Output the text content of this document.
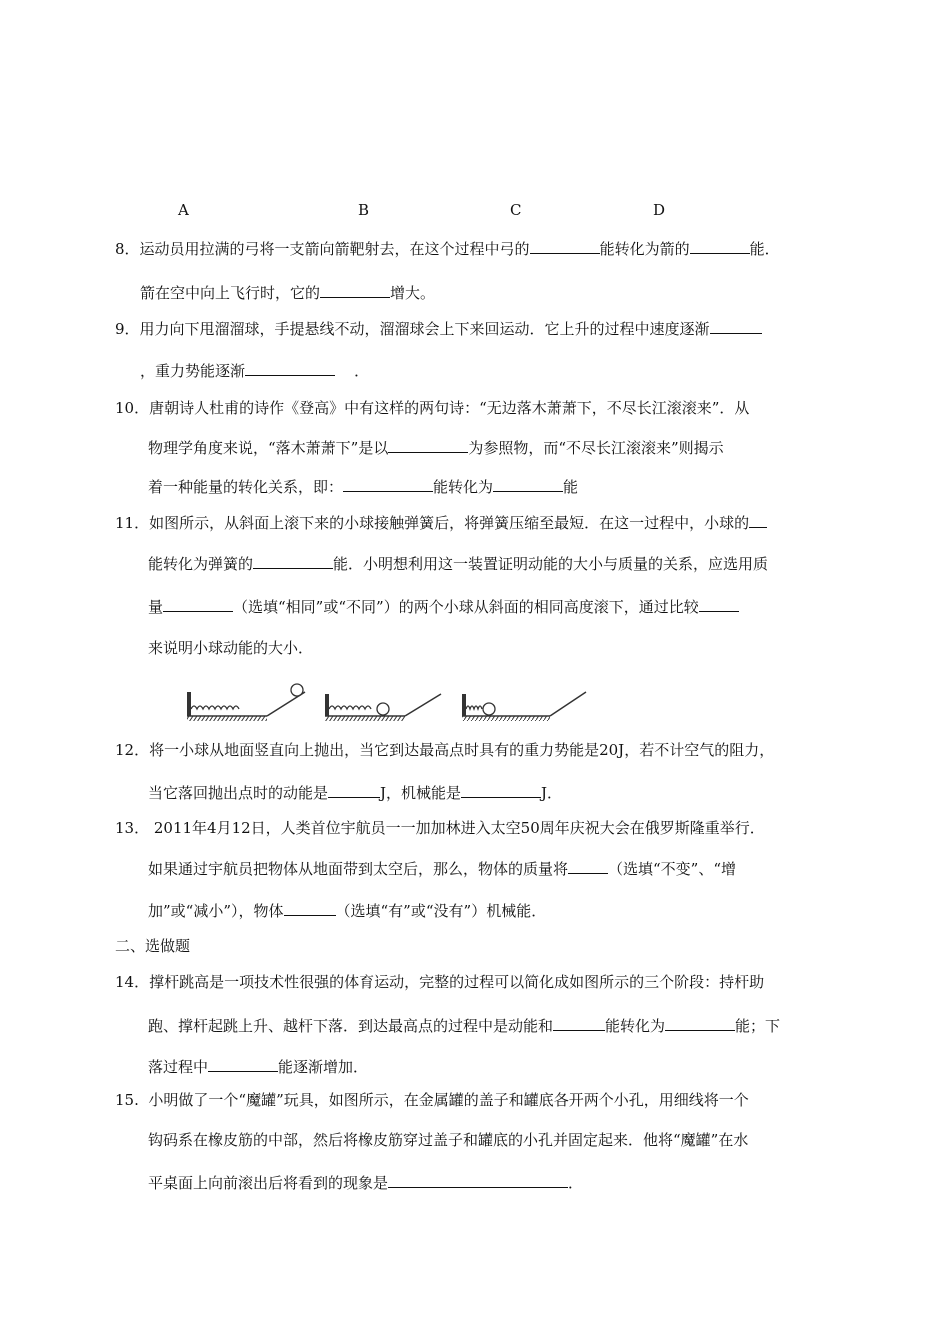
A	B	C	D
8．运动员用拉满的弓将一支箭向箭靶射去，在这个过程中弓的	能转化为箭的	能．
箭在空中向上飞行时，它的	增大。
9．用力向下甩溜溜球，手提悬线不动，溜溜球会上下来回运动．它上升的过程中速度逐渐
，重力势能逐渐	．
10．唐朝诗人杜甫的诗作《登高》中有这样的两句诗：“无边落木萧萧下，不尽长江滚滚来”．从
物理学角度来说，“落木萧萧下”是以	为参照物，而“不尽长江滚滚来”则揭示
着一种能量的转化关系，即：	能转化为	能
11．如图所示，从斜面上滚下来的小球接触弹簧后，将弹簧压缩至最短．在这一过程中，小球的
能转化为弹簧的	能．小明想利用这一装置证明动能的大小与质量的关系，应选用质
量	（选填“相同”或“不同”）的两个小球从斜面的相同高度滚下，通过比较
来说明小球动能的大小．
12．将一小球从地面竖直向上抛出，当它到达最高点时具有的重力势能是20J，若不计空气的阻力，
当它落回抛出点时的动能是	J，机械能是	J．
13． 2011年4月12日，人类首位宇航员一一加加林进入太空50周年庆祝大会在俄罗斯隆重举行．
如果通过宇航员把物体从地面带到太空后，那么，物体的质量将	（选填“不变”、“增
加”或“减小”），物体	（选填“有”或“没有”）机械能．
二、选做题
14．撑杆跳高是一项技术性很强的体育运动，完整的过程可以简化成如图所示的三个阶段：持杆助
跑、撑杆起跳上升、越杆下落．到达最高点的过程中是动能和	能转化为	能；下
落过程中	能逐渐增加．
15. 小明做了一个“魔罐”玩具，如图所示，在金属罐的盖子和罐底各开两个小孔，用细线将一个
钩码系在橡皮筋的中部，然后将橡皮筋穿过盖子和罐底的小孔并固定起来．他将“魔罐”在水
平桌面上向前滚出后将看到的现象是	．
